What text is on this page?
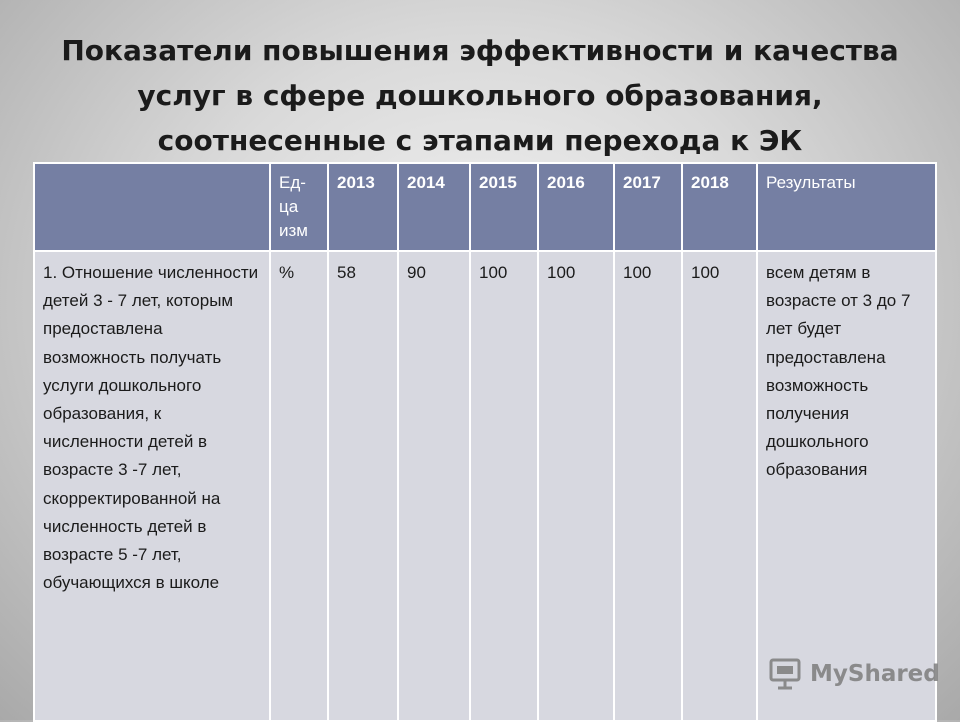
Показатели повышения эффективности и качества
услуг в сфере дошкольного образования,
соотнесенные с этапами перехода к ЭК
	Ед-ца изм	2013	2014	2015	2016	2017	2018	Результаты
1. Отношение численности детей 3 - 7 лет, которым предоставлена возможность получать услуги дошкольного образования, к численности детей в возрасте 3 -7 лет, скорректированной на численность детей в возрасте 5 -7 лет, обучающихся в школе	%	58	90	100	100	100	100	всем детям в возрасте от 3 до 7 лет будет предоставлена возможность получения дошкольного образования
MyShared
